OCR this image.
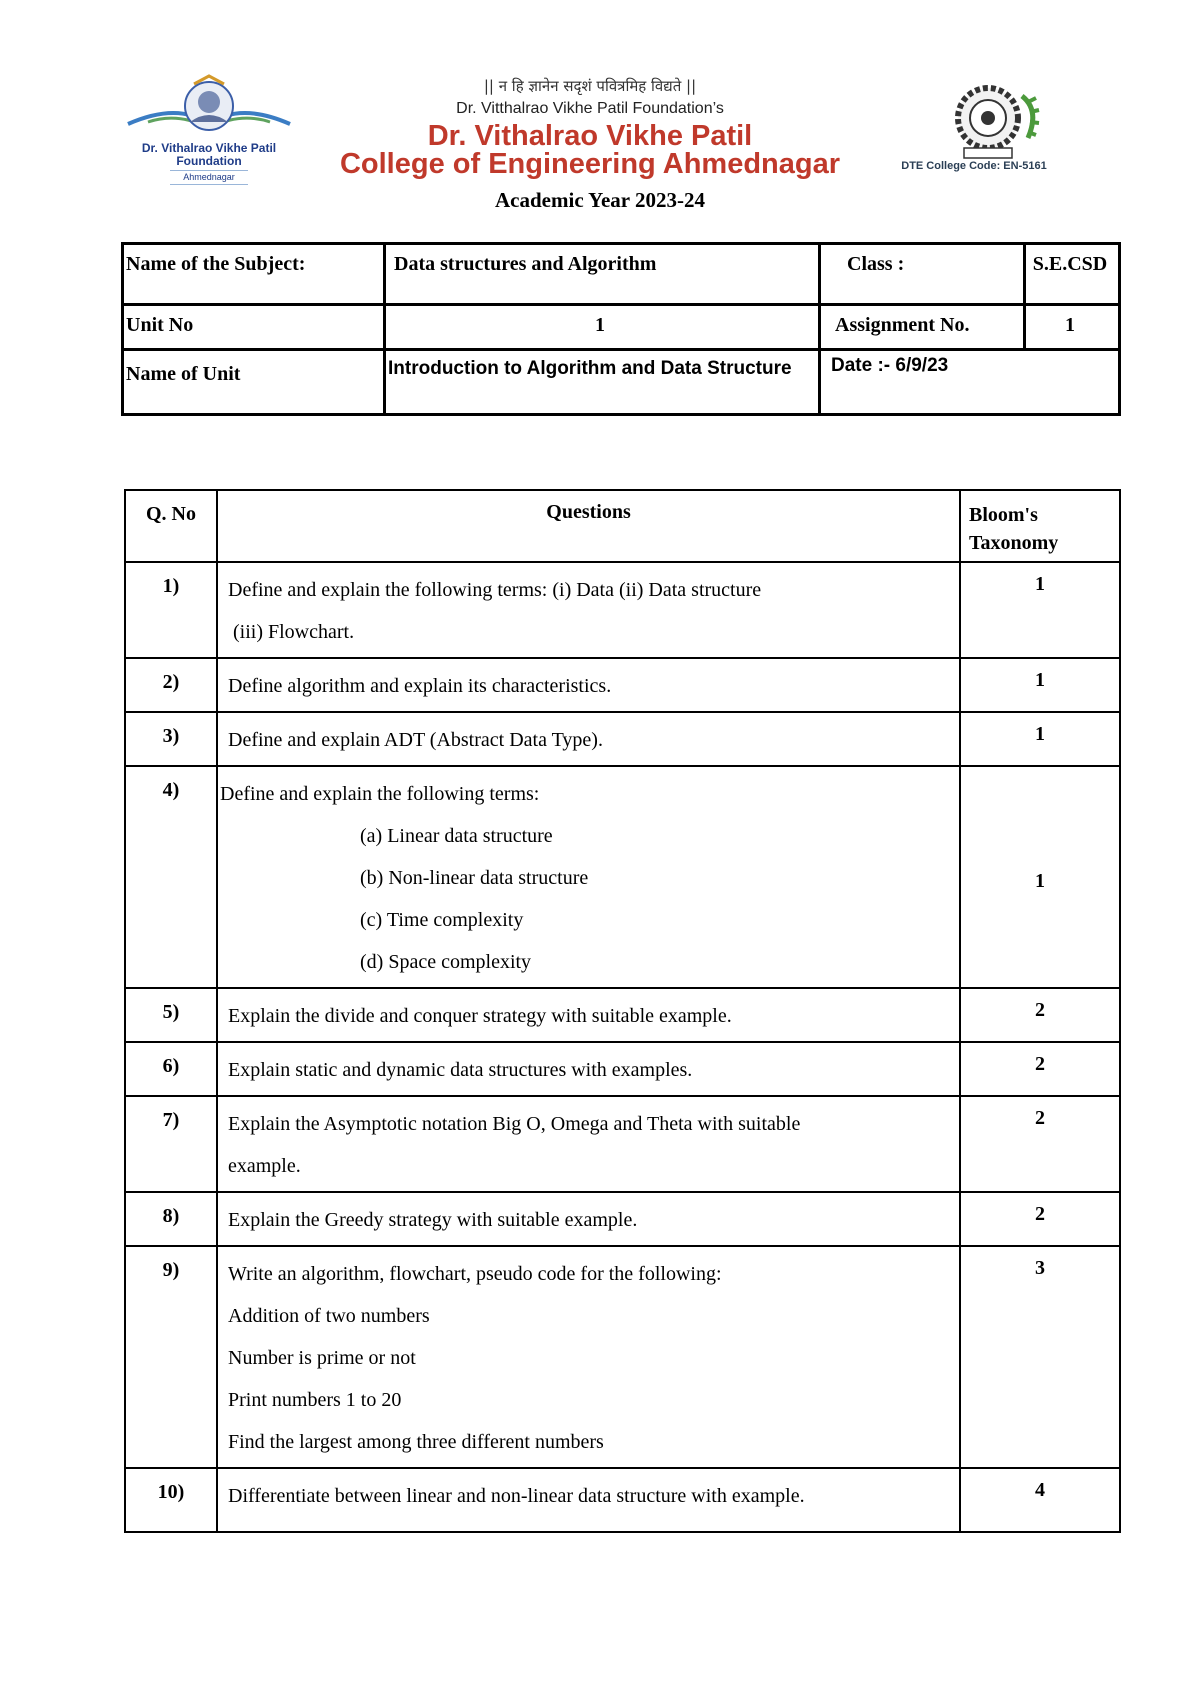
Dr. Vithalrao Vikhe Patil Foundation
Ahmednagar
|| न हि ज्ञानेन सदृशं पवित्रमिह विद्यते ||
Dr. Vitthalrao Vikhe Patil Foundation’s
Dr. Vithalrao Vikhe Patil
College of Engineering Ahmednagar	DTE College Code: EN-5161
Academic Year 2023-24
Name of the Subject:	Data structures and Algorithm	Class :	S.E.CSD
Unit No	1	Assignment No.	1
Name of Unit	Introduction to Algorithm and Data Structure	Date :- 6/9/23	
Q. No	Questions	Bloom's Taxonomy
1)	Define and explain the following terms: (i) Data (ii) Data structure
(iii) Flowchart.	1
2)	Define algorithm and explain its characteristics.	1
3)	Define and explain ADT (Abstract Data Type).	1
4)	Define and explain the following terms:
(a) Linear data structure
(b) Non-linear data structure
(c) Time complexity
(d) Space complexity	1
5)	Explain the divide and conquer strategy with suitable example.	2
6)	Explain static and dynamic data structures with examples.	2
7)	Explain the Asymptotic notation Big O, Omega and Theta with suitable
example.	2
8)	Explain the Greedy strategy with suitable example.	2
9)	Write an algorithm, flowchart, pseudo code for the following:
Addition of two numbers
Number is prime or not
Print numbers 1 to 20
Find the largest among three different numbers	3
10)	Differentiate between linear and non-linear data structure with example.	4
